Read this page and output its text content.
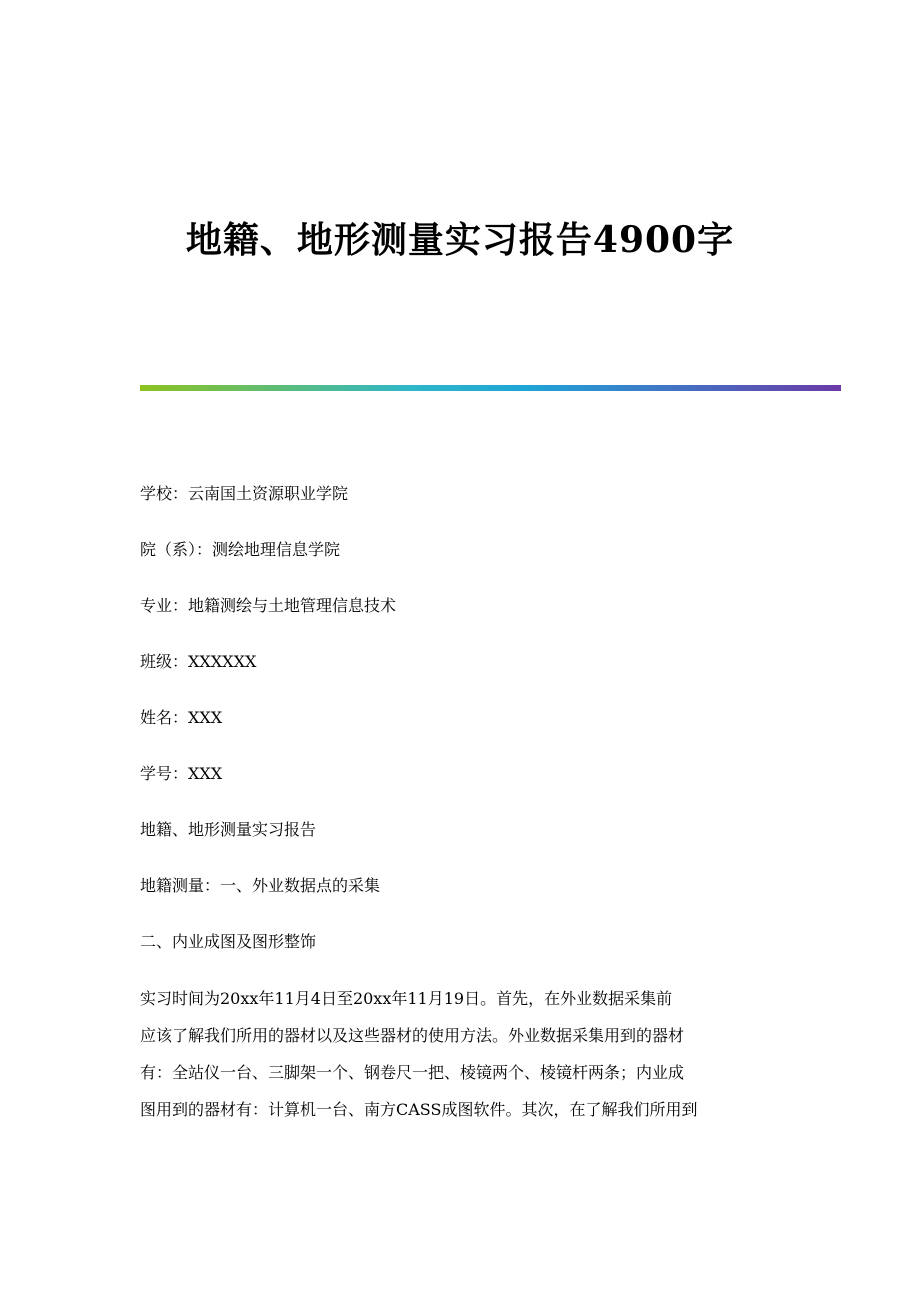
地籍、地形测量实习报告4900字
学校：云南国土资源职业学院
院（系）：测绘地理信息学院
专业：地籍测绘与土地管理信息技术
班级：XXXXXX
姓名：XXX
学号：XXX
地籍、地形测量实习报告
地籍测量：一、外业数据点的采集
二、内业成图及图形整饰
实习时间为20xx年11月4日至20xx年11月19日。首先，在外业数据采集前
应该了解我们所用的器材以及这些器材的使用方法。外业数据采集用到的器材
有：全站仪一台、三脚架一个、钢卷尺一把、棱镜两个、棱镜杆两条；内业成
图用到的器材有：计算机一台、南方CASS成图软件。其次，在了解我们所用到
